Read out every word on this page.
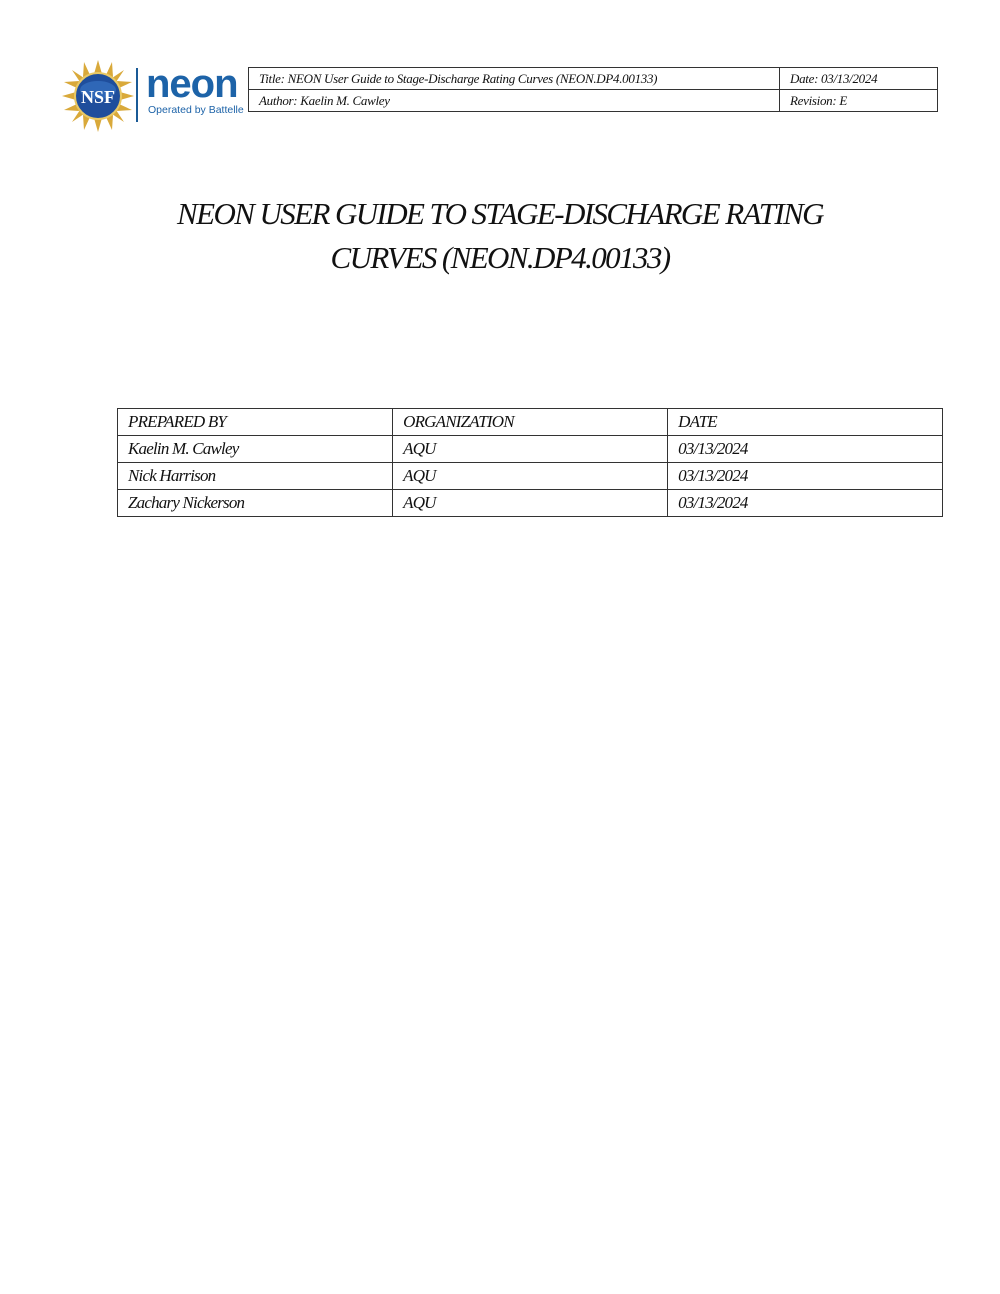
NSF neon
Operated by Battelle
Title: NEON User Guide to Stage-Discharge Rating Curves (NEON.DP4.00133)	Date: 03/13/2024
Author: Kaelin M. Cawley	Revision: E
NEON USER GUIDE TO STAGE-DISCHARGE RATING
CURVES (NEON.DP4.00133)
PREPARED BY	ORGANIZATION	DATE
Kaelin M. Cawley	AQU	03/13/2024
Nick Harrison	AQU	03/13/2024
Zachary Nickerson	AQU	03/13/2024
